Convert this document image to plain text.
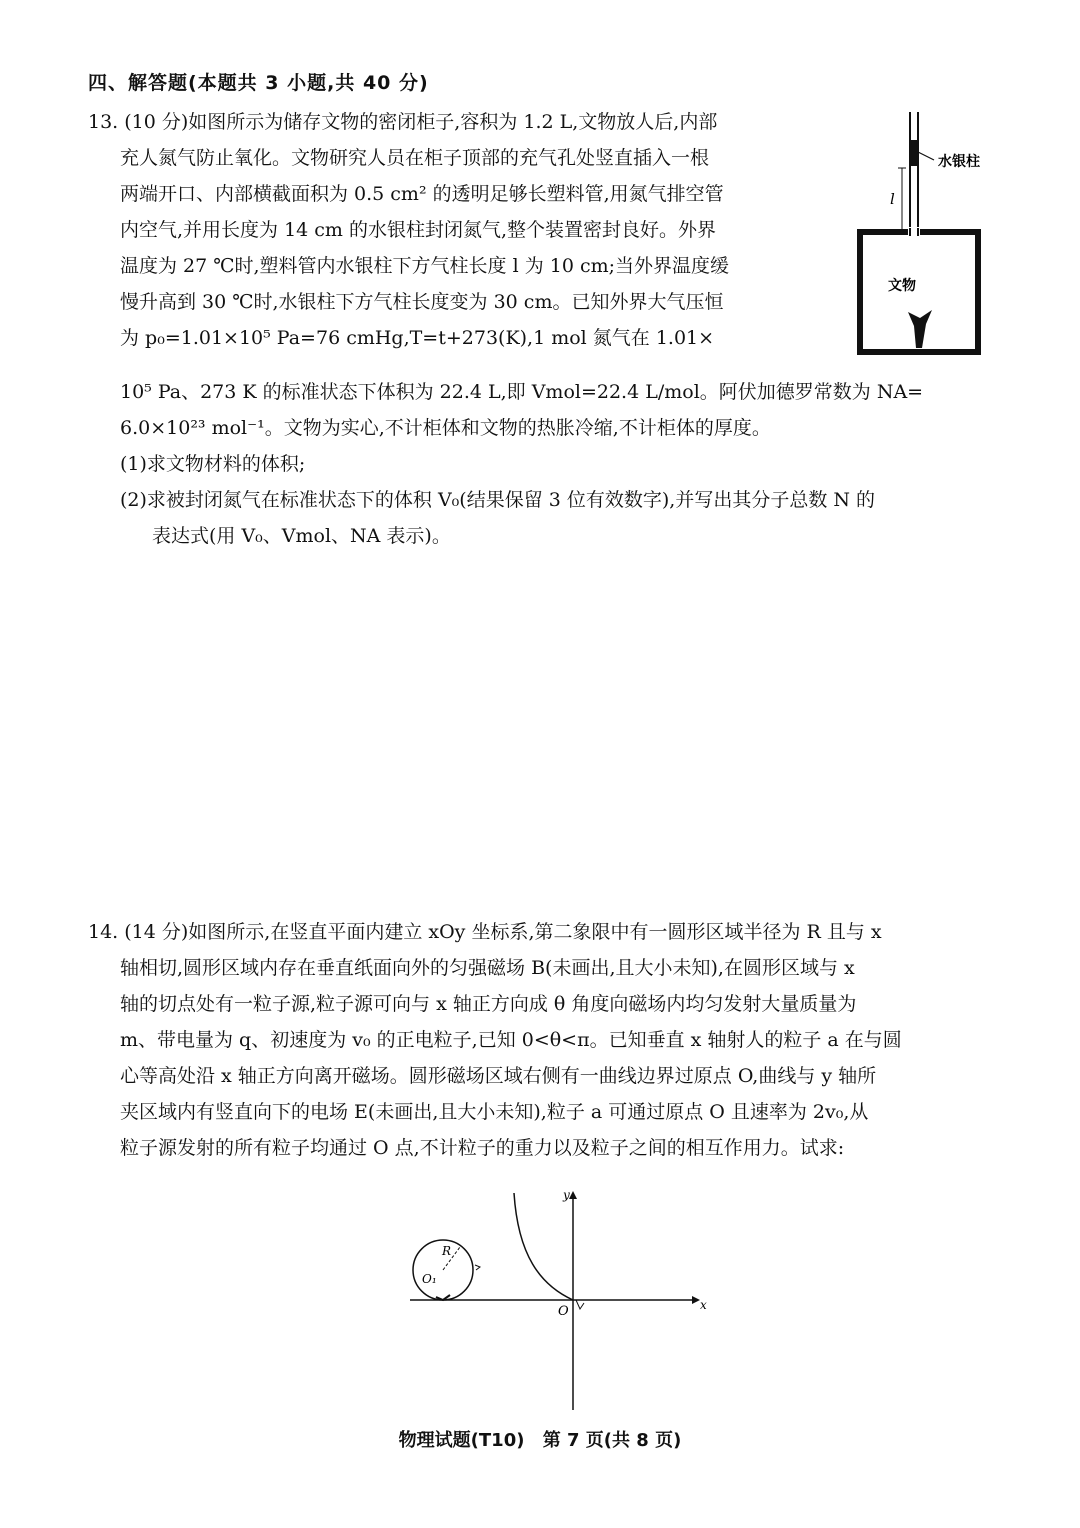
四、解答题(本题共 3 小题,共 40 分)
13. (10 分)如图所示为储存文物的密闭柜子,容积为 1.2 L,文物放人后,内部
充人氮气防止氧化。文物研究人员在柜子顶部的充气孔处竖直插入一根
两端开口、内部横截面积为 0.5 cm² 的透明足够长塑料管,用氮气排空管
内空气,并用长度为 14 cm 的水银柱封闭氮气,整个装置密封良好。外界
温度为 27 ℃时,塑料管内水银柱下方气柱长度 l 为 10 cm;当外界温度缓
慢升高到 30 ℃时,水银柱下方气柱长度变为 30 cm。已知外界大气压恒
为 p₀=1.01×10⁵ Pa=76 cmHg,T=t+273(K),1 mol 氮气在 1.01×
10⁵ Pa、273 K 的标准状态下体积为 22.4 L,即 Vmol=22.4 L/mol。阿伏加德罗常数为 NA=
6.0×10²³ mol⁻¹。文物为实心,不计柜体和文物的热胀冷缩,不计柜体的厚度。
(1)求文物材料的体积;
(2)求被封闭氮气在标准状态下的体积 V₀(结果保留 3 位有效数字),并写出其分子总数 N 的
表达式(用 V₀、Vmol、NA 表示)。
水银柱
l
文物
14. (14 分)如图所示,在竖直平面内建立 xOy 坐标系,第二象限中有一圆形区域半径为 R 且与 x
轴相切,圆形区域内存在垂直纸面向外的匀强磁场 B(未画出,且大小未知),在圆形区域与 x
轴的切点处有一粒子源,粒子源可向与 x 轴正方向成 θ 角度向磁场内均匀发射大量质量为
m、带电量为 q、初速度为 v₀ 的正电粒子,已知 0<θ<π。已知垂直 x 轴射人的粒子 a 在与圆
心等高处沿 x 轴正方向离开磁场。圆形磁场区域右侧有一曲线边界过原点 O,曲线与 y 轴所
夹区域内有竖直向下的电场 E(未画出,且大小未知),粒子 a 可通过原点 O 且速率为 2v₀,从
粒子源发射的所有粒子均通过 O 点,不计粒子的重力以及粒子之间的相互作用力。试求:
x
y
O
R
O₁
物理试题(T10) 第 7 页(共 8 页)
